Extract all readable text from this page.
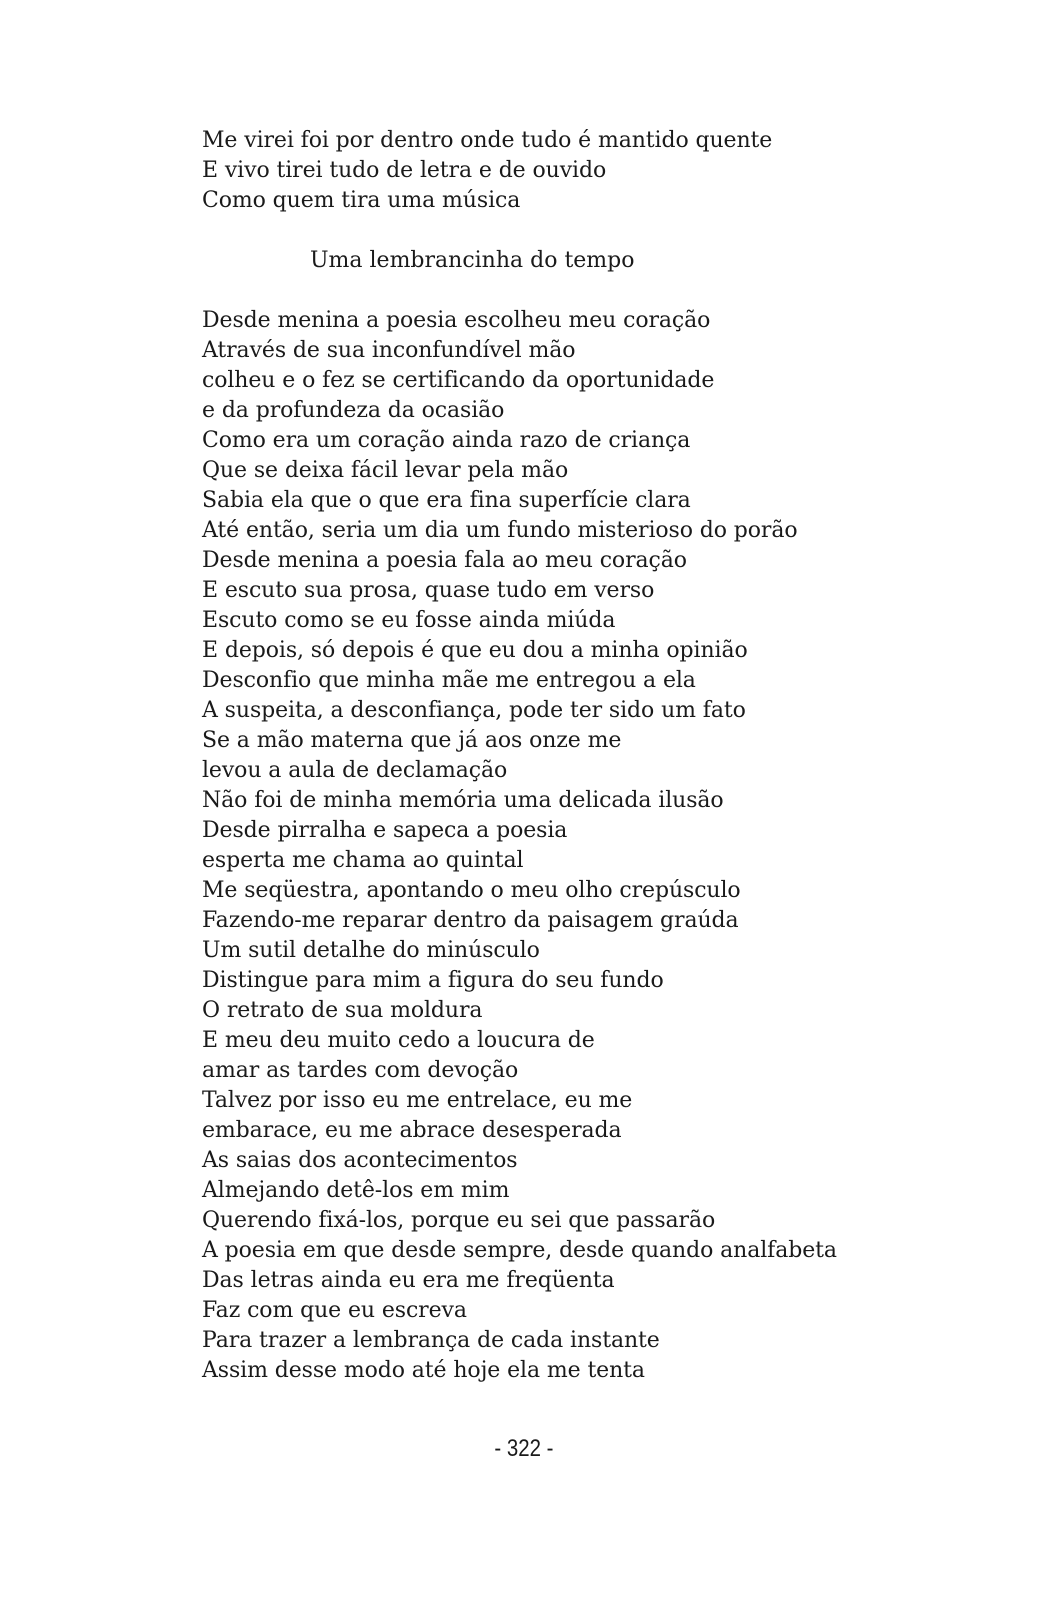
Me virei foi por dentro onde tudo é mantido quente
E vivo tirei tudo de letra e de ouvido
Como quem tira uma música
Uma lembrancinha do tempo
Desde menina a poesia escolheu meu coração
Através de sua inconfundível mão
colheu e o fez se certificando da oportunidade
e da profundeza da ocasião
Como era um coração ainda razo de criança
Que se deixa fácil levar pela mão
Sabia ela que o que era fina superfície clara
Até então, seria um dia um fundo misterioso do porão
Desde menina a poesia fala ao meu coração
E escuto sua prosa, quase tudo em verso
Escuto como se eu fosse ainda miúda
E depois, só depois é que eu dou a minha opinião
Desconfio que minha mãe me entregou a ela
A suspeita, a desconfiança, pode ter sido um fato
Se a mão materna que já aos onze me
levou a aula de declamação
Não foi de minha memória uma delicada ilusão
Desde pirralha e sapeca a poesia
esperta me chama ao quintal
Me seqüestra, apontando o meu olho crepúsculo
Fazendo-me reparar dentro da paisagem graúda
Um sutil detalhe do minúsculo
Distingue para mim a figura do seu fundo
O retrato de sua moldura
E meu deu muito cedo a loucura de
amar as tardes com devoção
Talvez por isso eu me entrelace, eu me
embarace, eu me abrace desesperada
As saias dos acontecimentos
Almejando detê-los em mim
Querendo fixá-los, porque eu sei que passarão
A poesia em que desde sempre, desde quando analfabeta
Das letras ainda eu era me freqüenta
Faz com que eu escreva
Para trazer a lembrança de cada instante
Assim desse modo até hoje ela me tenta
- 322 -
